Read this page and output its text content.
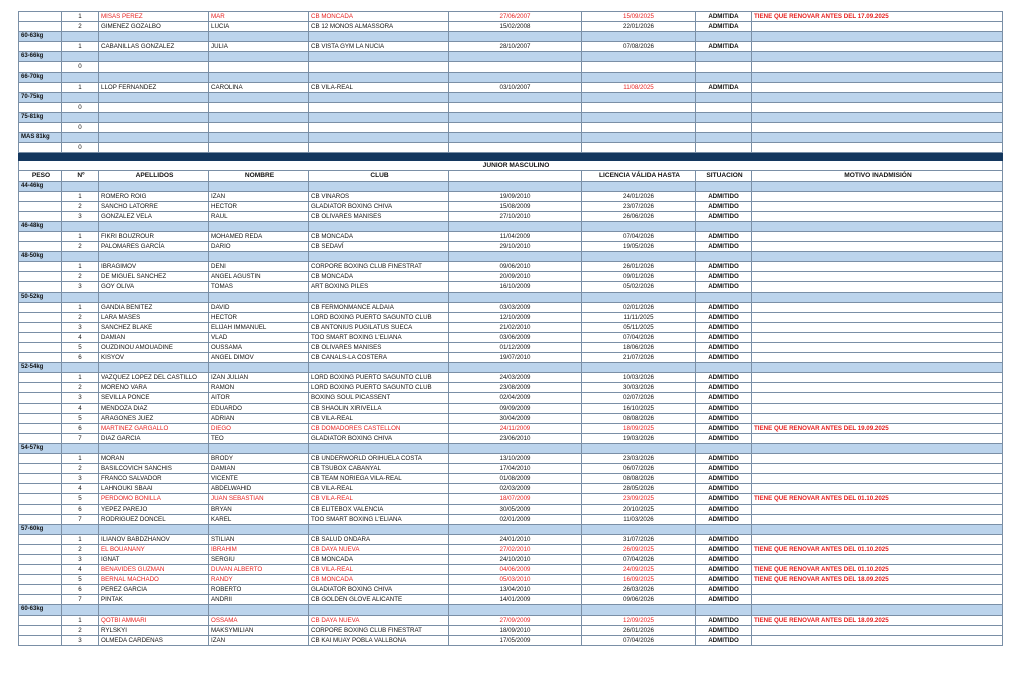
	1	MISAS PEREZ	MAR	CB MONCADA	27/06/2007	15/09/2025	ADMITIDA	TIENE QUE RENOVAR ANTES DEL 17.09.2025
	2	GIMENEZ GOZALBO	LUCIA	CB 12 MONOS ALMASSORA	15/02/2008	22/01/2026	ADMITIDA	
60-63kg								
	1	CABANILLAS GONZALEZ	JULIA	CB VISTA GYM LA NUCIA	28/10/2007	07/08/2026	ADMITIDA	
63-66kg								
	0							
66-70kg								
	1	LLOP FERNANDEZ	CAROLINA	CB VILA-REAL	03/10/2007	11/08/2025	ADMITIDA	
70-75kg								
	0							
75-81kg								
	0							
MAS 81kg								
	0							

					JUNIOR MASCULINO			
PESO	Nº	APELLIDOS	NOMBRE	CLUB		LICENCIA VÁLIDA HASTA	SITUACION	MOTIVO INADMISIÓN
44-46kg								
	1	ROMERO ROIG	IZAN	CB VINAROS	19/09/2010	24/01/2026	ADMITIDO	
	2	SANCHO LATORRE	HECTOR	GLADIATOR BOXING CHIVA	15/08/2009	23/07/2026	ADMITIDO	
	3	GONZALEZ VELA	RAUL	CB OLIVARES MANISES	27/10/2010	26/06/2026	ADMITIDO	
46-48kg								
	1	FIKRI BOUZROUR	MOHAMED REDA	CB MONCADA	11/04/2009	07/04/2026	ADMITIDO	
	2	PALOMARES GARCÍA	DARIO	CB SEDAVÍ	29/10/2010	19/05/2026	ADMITIDO	
48-50kg								
	1	IBRAGIMOV	DENI	CORPORE BOXING CLUB FINESTRAT	09/06/2010	26/01/2026	ADMITIDO	
	2	DE MIGUEL SANCHEZ	ANGEL AGUSTIN	CB MONCADA	20/09/2010	09/01/2026	ADMITIDO	
	3	GOY OLIVA	TOMAS	ART BOXING PILES	16/10/2009	05/02/2026	ADMITIDO	
50-52kg								
	1	GANDIA BENITEZ	DAVID	CB FERMONMANCE ALDAIA	03/03/2009	02/01/2026	ADMITIDO	
	2	LARA MASES	HECTOR	LORD BOXING PUERTO SAGUNTO CLUB	12/10/2009	11/11/2025	ADMITIDO	
	3	SANCHEZ BLAKE	ELIJAH IMMANUEL	CB ANTONIUS PUGILATUS SUECA	21/02/2010	05/11/2025	ADMITIDO	
	4	DAMIAN	VLAD	TOO SMART BOXING L'ELIANA	03/06/2009	07/04/2026	ADMITIDO	
	5	OUZDINOU AMOUADINE	OUSSAMA	CB OLIVARES MANISES	01/12/2009	18/06/2026	ADMITIDO	
	6	KISYOV	ANGEL DIMOV	CB CANALS-LA COSTERA	19/07/2010	21/07/2026	ADMITIDO	
52-54kg								
	1	VAZQUEZ LOPEZ DEL CASTILLO	IZAN JULIAN	LORD BOXING PUERTO SAGUNTO CLUB	24/03/2009	10/03/2026	ADMITIDO	
	2	MORENO VARA	RAMON	LORD BOXING PUERTO SAGUNTO CLUB	23/08/2009	30/03/2026	ADMITIDO	
	3	SEVILLA PONCE	AITOR	BOXING SOUL PICASSENT	02/04/2009	02/07/2026	ADMITIDO	
	4	MENDOZA DIAZ	EDUARDO	CB SHAOLIN XIRIVELLA	09/09/2009	16/10/2025	ADMITIDO	
	5	ARAGONES JUEZ	ADRIAN	CB VILA-REAL	30/04/2009	08/08/2026	ADMITIDO	
	6	MARTINEZ GARGALLO	DIEGO	CB DOMADORES CASTELLON	24/11/2009	18/09/2025	ADMITIDO	TIENE QUE RENOVAR ANTES DEL 19.09.2025
	7	DIAZ GARCIA	TEO	GLADIATOR BOXING CHIVA	23/06/2010	19/03/2026	ADMITIDO	
54-57kg								
	1	MORAN	BRODY	CB UNDERWORLD ORIHUELA COSTA	13/10/2009	23/03/2026	ADMITIDO	
	2	BASILCOVICH SANCHIS	DAMIAN	CB TSUBOX CABANYAL	17/04/2010	06/07/2026	ADMITIDO	
	3	FRANCO SALVADOR	VICENTE	CB TEAM NORIEGA VILA-REAL	01/08/2009	08/08/2026	ADMITIDO	
	4	LAHNOUKI SBAAI	ABDELWAHID	CB VILA-REAL	02/03/2009	28/05/2026	ADMITIDO	
	5	PERDOMO BONILLA	JUAN SEBASTIAN	CB VILA-REAL	18/07/2009	23/09/2025	ADMITIDO	TIENE QUE RENOVAR ANTES DEL 01.10.2025
	6	YEPEZ PAREJO	BRYAN	CB ELITEBOX VALENCIA	30/05/2009	20/10/2025	ADMITIDO	
	7	RODRIGUEZ DONCEL	KAREL	TOO SMART BOXING L'ELIANA	02/01/2009	11/03/2026	ADMITIDO	
57-60kg								
	1	ILIANOV BABDZHANOV	STILIAN	CB SALUD ONDARA	24/01/2010	31/07/2026	ADMITIDO	
	2	EL BOUANANY	IBRAHIM	CB DAYA NUEVA	27/02/2010	26/09/2025	ADMITIDO	TIENE QUE RENOVAR ANTES DEL 01.10.2025
	3	IGNAT	SERGIU	CB MONCADA	24/10/2010	07/04/2026	ADMITIDO	
	4	BENAVIDES GUZMAN	DUVAN ALBERTO	CB VILA-REAL	04/06/2009	24/09/2025	ADMITIDO	TIENE QUE RENOVAR ANTES DEL 01.10.2025
	5	BERNAL MACHADO	RANDY	CB MONCADA	05/03/2010	16/09/2025	ADMITIDO	TIENE QUE RENOVAR ANTES DEL 18.09.2025
	6	PEREZ GARCIA	ROBERTO	GLADIATOR BOXING CHIVA	13/04/2010	26/03/2026	ADMITIDO	
	7	PINTAK	ANDRII	CB GOLDEN GLOVE ALICANTE	14/01/2009	09/06/2026	ADMITIDO	
60-63kg								
	1	QOTBI AMMARI	OSSAMA	CB DAYA NUEVA	27/09/2009	12/09/2025	ADMITIDO	TIENE QUE RENOVAR ANTES DEL 18.09.2025
	2	RYLSKYI	MAKSYMILIAN	CORPORE BOXING CLUB FINESTRAT	18/09/2010	26/01/2026	ADMITIDO	
	3	OLMEDA CARDENAS	IZAN	CB KAI MUAY POBLA VALLBONA	17/05/2009	07/04/2026	ADMITIDO	
